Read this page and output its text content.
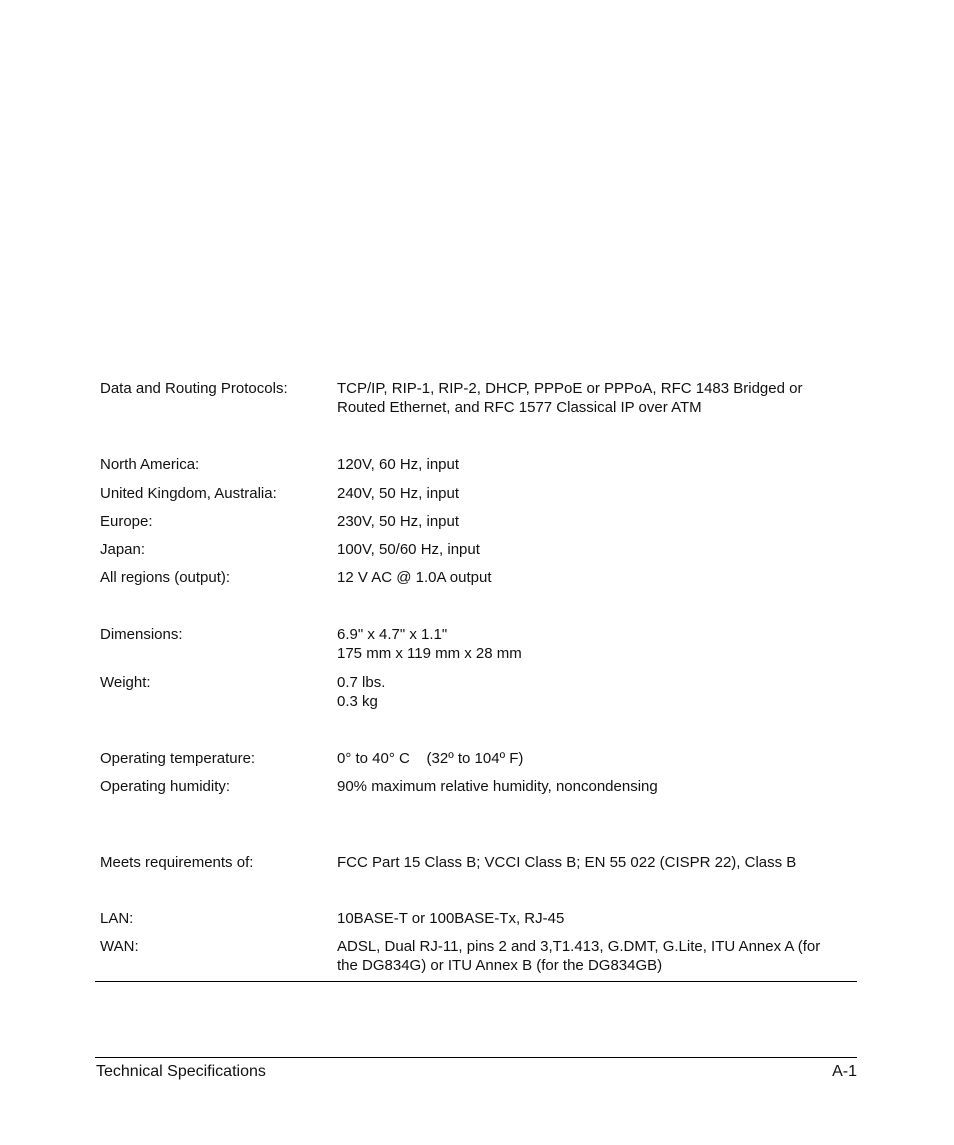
Data and Routing Protocols:	TCP/IP, RIP-1, RIP-2, DHCP, PPPoE or PPPoA, RFC 1483 Bridged or
Routed Ethernet, and RFC 1577 Classical IP over ATM
North America:	120V, 60 Hz, input
United Kingdom, Australia:	240V, 50 Hz, input
Europe:	230V, 50 Hz, input
Japan:	100V, 50/60 Hz, input
All regions (output):	12 V AC @ 1.0A output
Dimensions:	6.9" x 4.7" x 1.1"
175 mm x 119 mm x 28 mm
Weight:	0.7 lbs.
0.3 kg
Operating temperature:	0° to 40° C    (32º to 104º F)
Operating humidity:	90% maximum relative humidity, noncondensing
Meets requirements of:	FCC Part 15 Class B; VCCI Class B; EN 55 022 (CISPR 22), Class B
LAN:	10BASE-T or 100BASE-Tx, RJ-45
WAN:	ADSL, Dual RJ-11, pins 2 and 3,T1.413, G.DMT, G.Lite, ITU Annex A (for
the DG834G) or ITU Annex B (for the DG834GB)
Technical Specifications	A-1
